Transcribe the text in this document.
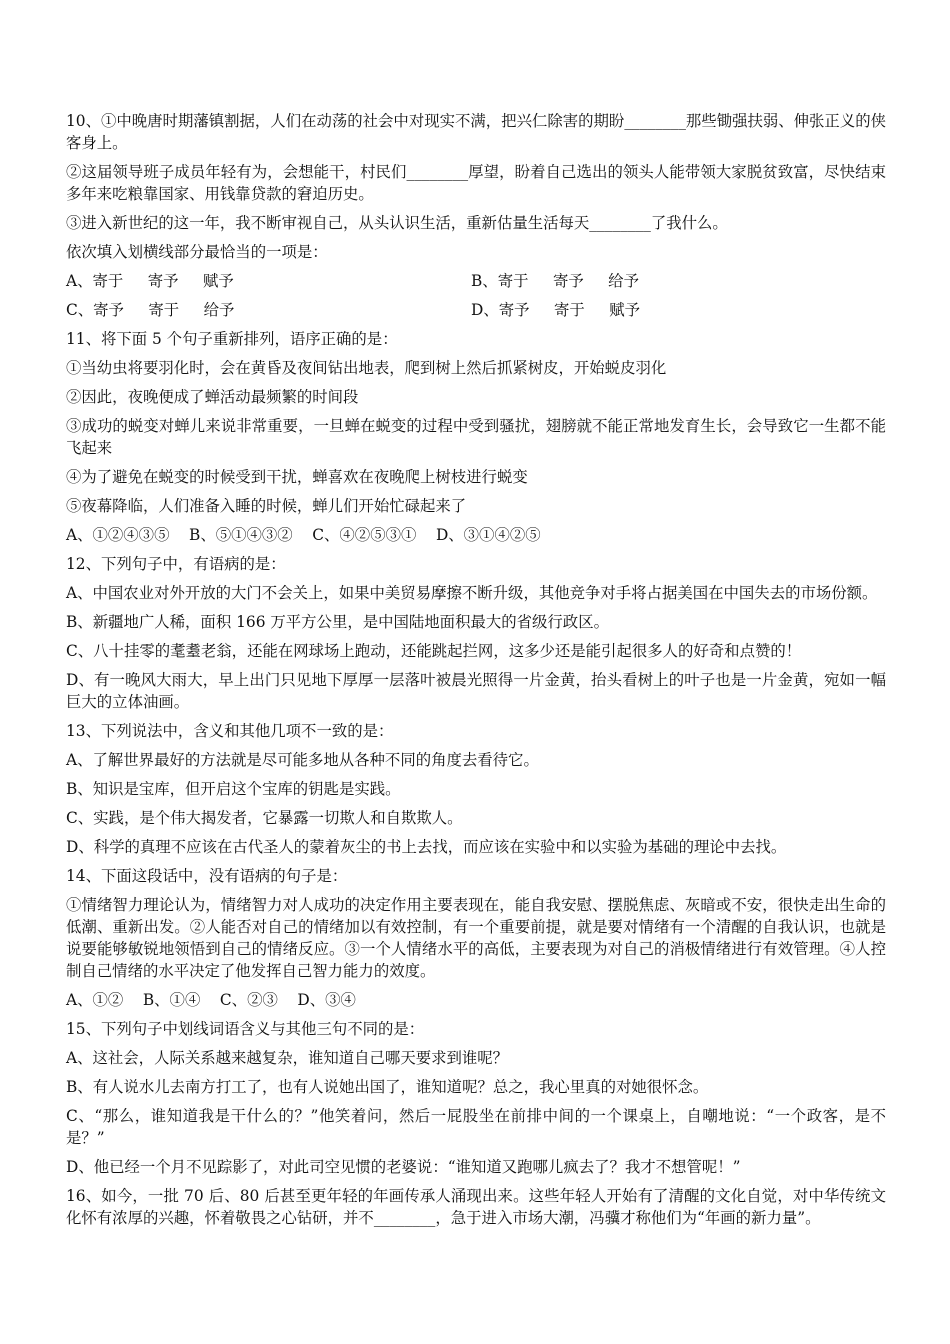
10、①中晚唐时期藩镇割据，人们在动荡的社会中对现实不满，把兴仁除害的期盼________那些锄强扶弱、伸张正义的侠客身上。

②这届领导班子成员年轻有为，会想能干，村民们________厚望，盼着自己选出的领头人能带领大家脱贫致富，尽快结束多年来吃粮靠国家、用钱靠贷款的窘迫历史。

③进入新世纪的这一年，我不断审视自己，从头认识生活，重新估量生活每天________了我什么。

依次填入划横线部分最恰当的一项是：

A、寄于     寄予     赋予	B、寄于     寄予     给予
C、寄予     寄于     给予	D、寄予     寄于     赋予

11、将下面 5 个句子重新排列，语序正确的是：

①当幼虫将要羽化时，会在黄昏及夜间钻出地表，爬到树上然后抓紧树皮，开始蜕皮羽化

②因此，夜晚便成了蝉活动最频繁的时间段

③成功的蜕变对蝉儿来说非常重要，一旦蝉在蜕变的过程中受到骚扰，翅膀就不能正常地发育生长，会导致它一生都不能飞起来

④为了避免在蜕变的时候受到干扰，蝉喜欢在夜晚爬上树枝进行蜕变

⑤夜幕降临，人们准备入睡的时候，蝉儿们开始忙碌起来了

A、①②④③⑤    B、⑤①④③②    C、④②⑤③①    D、③①④②⑤

12、下列句子中，有语病的是：

A、中国农业对外开放的大门不会关上，如果中美贸易摩擦不断升级，其他竞争对手将占据美国在中国失去的市场份额。

B、新疆地广人稀，面积 166 万平方公里，是中国陆地面积最大的省级行政区。

C、八十挂零的耄耋老翁，还能在网球场上跑动，还能跳起拦网，这多少还是能引起很多人的好奇和点赞的！

D、有一晚风大雨大，早上出门只见地下厚厚一层落叶被晨光照得一片金黄，抬头看树上的叶子也是一片金黄，宛如一幅巨大的立体油画。

13、下列说法中，含义和其他几项不一致的是：

A、了解世界最好的方法就是尽可能多地从各种不同的角度去看待它。

B、知识是宝库，但开启这个宝库的钥匙是实践。

C、实践，是个伟大揭发者，它暴露一切欺人和自欺欺人。

D、科学的真理不应该在古代圣人的蒙着灰尘的书上去找，而应该在实验中和以实验为基础的理论中去找。

14、下面这段话中，没有语病的句子是：

①情绪智力理论认为，情绪智力对人成功的决定作用主要表现在，能自我安慰、摆脱焦虑、灰暗或不安，很快走出生命的低潮、重新出发。②人能否对自己的情绪加以有效控制，有一个重要前提，就是要对情绪有一个清醒的自我认识，也就是说要能够敏锐地领悟到自己的情绪反应。③一个人情绪水平的高低，主要表现为对自己的消极情绪进行有效管理。④人控制自己情绪的水平决定了他发挥自己智力能力的效度。

A、①②    B、①④    C、②③    D、③④

15、下列句子中划线词语含义与其他三句不同的是：

A、这社会，人际关系越来越复杂，谁知道自己哪天要求到谁呢？

B、有人说水儿去南方打工了，也有人说她出国了，谁知道呢？总之，我心里真的对她很怀念。

C、“那么，谁知道我是干什么的？”他笑着问，然后一屁股坐在前排中间的一个课桌上，自嘲地说：“一个政客，是不是？”

D、他已经一个月不见踪影了，对此司空见惯的老婆说：“谁知道又跑哪儿疯去了？我才不想管呢！”

16、如今，一批 70 后、80 后甚至更年轻的年画传承人涌现出来。这些年轻人开始有了清醒的文化自觉，对中华传统文化怀有浓厚的兴趣，怀着敬畏之心钻研，并不________，急于进入市场大潮，冯骥才称他们为“年画的新力量”。
